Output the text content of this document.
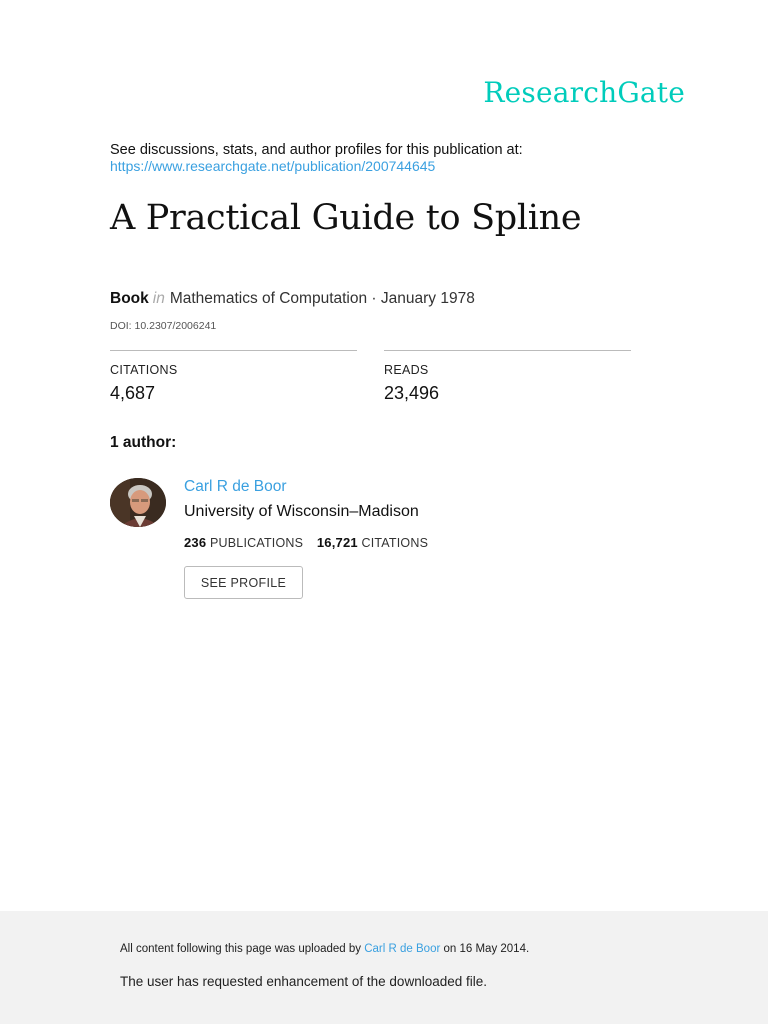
ResearchGate
See discussions, stats, and author profiles for this publication at:
https://www.researchgate.net/publication/200744645
A Practical Guide to Spline
Book in Mathematics of Computation · January 1978
DOI: 10.2307/2006241
CITATIONS
4,687
READS
23,496
1 author:
Carl R de Boor
University of Wisconsin–Madison
236 PUBLICATIONS 16,721 CITATIONS
SEE PROFILE
All content following this page was uploaded by Carl R de Boor on 16 May 2014.
The user has requested enhancement of the downloaded file.
